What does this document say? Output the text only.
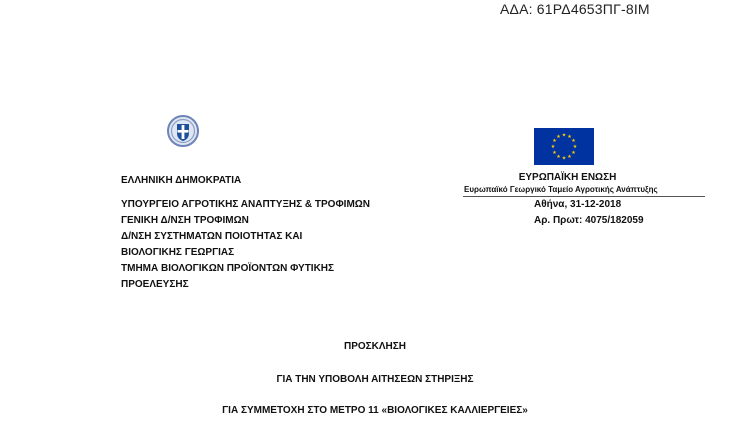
ΑΔΑ: 61ΡΔ4653ΠΓ-8ΙΜ
★ ★
★
★
★
★
★
★
★
★
★
★
ΕΛΛΗΝΙΚΗ ΔΗΜΟΚΡΑΤΙΑ	ΕΥΡΩΠΑΪΚΗ ΕΝΩΣΗ
Ευρωπαϊκό Γεωργικό Ταμείο Αγροτικής Ανάπτυξης
ΥΠΟΥΡΓΕΙΟ ΑΓΡΟΤΙΚΗΣ ΑΝΑΠΤΥΞΗΣ & ΤΡΟΦΙΜΩΝ
ΓΕΝΙΚΗ Δ/ΝΣΗ ΤΡΟΦΙΜΩΝ
Δ/ΝΣΗ ΣΥΣΤΗΜΑΤΩΝ ΠΟΙΟΤΗΤΑΣ ΚΑΙ
ΒΙΟΛΟΓΙΚΗΣ ΓΕΩΡΓΙΑΣ
ΤΜΗΜΑ ΒΙΟΛΟΓΙΚΩΝ ΠΡΟΪΟΝΤΩΝ ΦΥΤΙΚΗΣ
ΠΡΟΕΛΕΥΣΗΣ
Αθήνα, 31-12-2018
Αρ. Πρωτ: 4075/182059
ΠΡΟΣΚΛΗΣΗ
ΓΙΑ ΤΗΝ ΥΠΟΒΟΛΗ ΑΙΤΗΣΕΩΝ ΣΤΗΡΙΞΗΣ
ΓΙΑ ΣΥΜΜΕΤΟΧΗ ΣΤΟ ΜΕΤΡΟ 11 «ΒΙΟΛΟΓΙΚΕΣ ΚΑΛΛΙΕΡΓΕΙΕΣ»
